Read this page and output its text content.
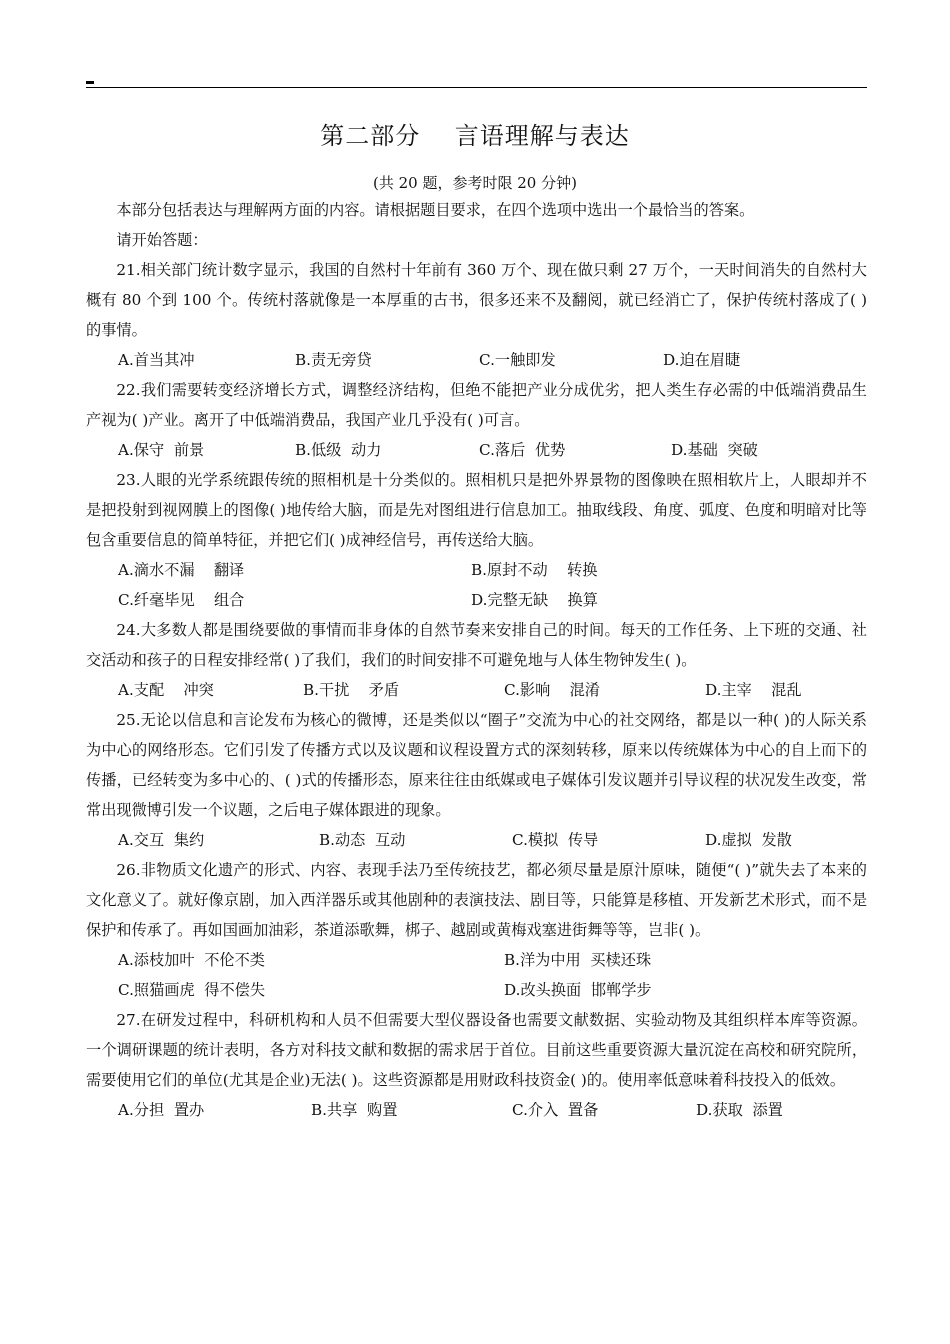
第二部分    言语理解与表达
(共 20 题，参考时限 20 分钟)

本部分包括表达与理解两方面的内容。请根据题目要求，在四个选项中选出一个最恰当的答案。

请开始答题：

21.相关部门统计数字显示，我国的自然村十年前有 360 万个、现在做只剩 27 万个，一天时间消失的自然村大概有 80 个到 100 个。传统村落就像是一本厚重的古书，很多还来不及翻阅，就已经消亡了，保护传统村落成了( )的事情。

A.首当其冲	B.责无旁贷	C.一触即发	D.迫在眉睫

22.我们需要转变经济增长方式，调整经济结构，但绝不能把产业分成优劣，把人类生存必需的中低端消费品生产视为( )产业。离开了中低端消费品，我国产业几乎没有( )可言。

A.保守  前景	B.低级  动力	C.落后  优势	D.基础  突破

23.人眼的光学系统跟传统的照相机是十分类似的。照相机只是把外界景物的图像映在照相软片上，人眼却并不是把投射到视网膜上的图像( )地传给大脑，而是先对图组进行信息加工。抽取线段、角度、弧度、色度和明暗对比等包含重要信息的简单特征，并把它们( )成神经信号，再传送给大脑。

A.滴水不漏    翻译	B.原封不动    转换
C.纤毫毕见    组合	D.完整无缺    换算

24.大多数人都是围绕要做的事情而非身体的自然节奏来安排自己的时间。每天的工作任务、上下班的交通、社交活动和孩子的日程安排经常( )了我们，我们的时间安排不可避免地与人体生物钟发生( )。

A.支配    冲突	B.干扰    矛盾	C.影响    混淆	D.主宰    混乱

25.无论以信息和言论发布为核心的微博，还是类似以“圈子”交流为中心的社交网络，都是以一种( )的人际关系为中心的网络形态。它们引发了传播方式以及议题和议程设置方式的深刻转移，原来以传统媒体为中心的自上而下的传播，已经转变为多中心的、( )式的传播形态，原来往往由纸媒或电子媒体引发议题并引导议程的状况发生改变，常常出现微博引发一个议题，之后电子媒体跟进的现象。

A.交互  集约	B.动态  互动	C.模拟  传导	D.虚拟  发散

26.非物质文化遗产的形式、内容、表现手法乃至传统技艺，都必须尽量是原汁原味，随便“( )”就失去了本来的文化意义了。就好像京剧，加入西洋器乐或其他剧种的表演技法、剧目等，只能算是移植、开发新艺术形式，而不是保护和传承了。再如国画加油彩，茶道添歌舞，梆子、越剧或黄梅戏塞进街舞等等，岂非( )。

A.添枝加叶  不伦不类	B.洋为中用  买椟还珠
C.照猫画虎  得不偿失	D.改头换面  邯郸学步

27.在研发过程中，科研机构和人员不但需要大型仪器设备也需要文献数据、实验动物及其组织样本库等资源。一个调研课题的统计表明，各方对科技文献和数据的需求居于首位。目前这些重要资源大量沉淀在高校和研究院所，需要使用它们的单位(尤其是企业)无法( )。这些资源都是用财政科技资金( )的。使用率低意味着科技投入的低效。

A.分担  置办	B.共享  购置	C.介入  置备	D.获取  添置
